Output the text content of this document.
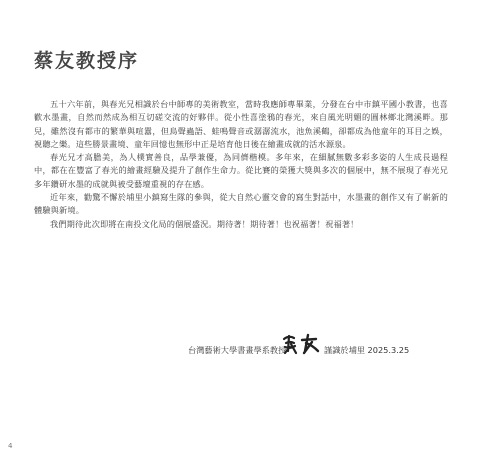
蔡友教授序

五十六年前，與春光兄相識於台中師專的美術教室，當時我應師專畢業，分發在台中市鎮平國小教書，也喜歡水墨畫，自然而然成為相互切磋交流的好夥伴。從小性喜塗鴉的春光，來自風光明媚的圓林鄉北灣溪畔。那兒，雖然沒有都市的繁華與喧囂，但鳥聲蟲語、蛙鳴聲音或潺潺流水，池魚溪鶴，卻都成為他童年的耳目之娛，視聽之樂。這些勝景畫境、童年回憶也無形中正是培育他日後在繪畫成就的活水源泉。

春光兄才高膽美，為人樸實善良，品學兼優，為同儕楷模。多年來，在細膩無數多彩多姿的人生成長過程中，都在在豐富了春光的繪畫經驗及提升了創作生命力。從比賽的榮獲大獎與多次的個展中，無不展現了春光兄多年鑽研水墨的成就與被受藝壇重視的存在感。

近年來，勸驚不懈於埔里小鎮寫生隊的參與，從大自然心靈交會的寫生對話中，水墨畫的創作又有了嶄新的體驗與新境。

我們期待此次即將在南投文化局的個展盛況。期待著！期待著！也祝福著！祝福著！

台灣藝術大學書畫學系教授	謹識於埔里 2025.3.25
4
